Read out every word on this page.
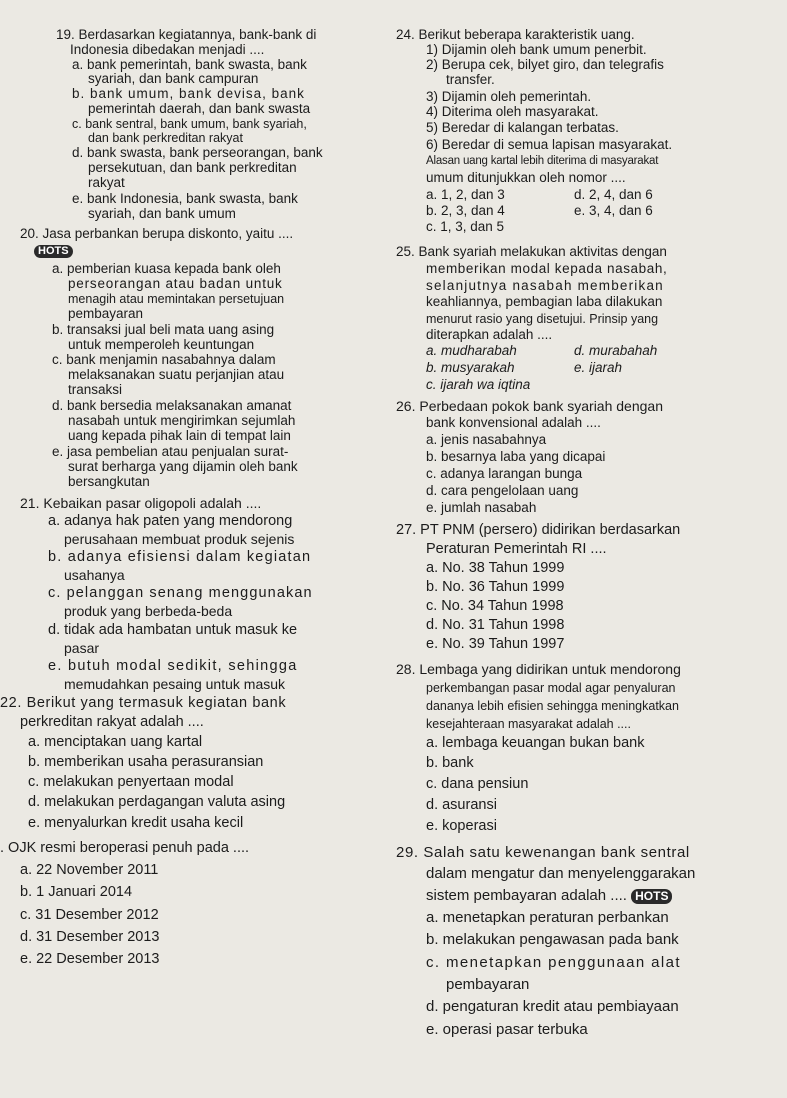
19. Berdasarkan kegiatannya, bank-bank di
Indonesia dibedakan menjadi ....
a. bank pemerintah, bank swasta, bank
syariah, dan bank campuran
b. bank umum, bank devisa, bank
pemerintah daerah, dan bank swasta
c. bank sentral, bank umum, bank syariah,
dan bank perkreditan rakyat
d. bank swasta, bank perseorangan, bank
persekutuan, dan bank perkreditan
rakyat
e. bank Indonesia, bank swasta, bank
syariah, dan bank umum
20. Jasa perbankan berupa diskonto, yaitu ....
HOTS
a. pemberian kuasa kepada bank oleh
perseorangan atau badan untuk
menagih atau memintakan persetujuan
pembayaran
b. transaksi jual beli mata uang asing
untuk memperoleh keuntungan
c. bank menjamin nasabahnya dalam
melaksanakan suatu perjanjian atau
transaksi
d. bank bersedia melaksanakan amanat
nasabah untuk mengirimkan sejumlah
uang kepada pihak lain di tempat lain
e. jasa pembelian atau penjualan surat-
surat berharga yang dijamin oleh bank
bersangkutan
21. Kebaikan pasar oligopoli adalah ....
a. adanya hak paten yang mendorong
perusahaan membuat produk sejenis
b. adanya efisiensi dalam kegiatan
usahanya
c. pelanggan senang menggunakan
produk yang berbeda-beda
d. tidak ada hambatan untuk masuk ke
pasar
e. butuh modal sedikit, sehingga
memudahkan pesaing untuk masuk
22. Berikut yang termasuk kegiatan bank
perkreditan rakyat adalah ....
a. menciptakan uang kartal
b. memberikan usaha perasuransian
c. melakukan penyertaan modal
d. melakukan perdagangan valuta asing
e. menyalurkan kredit usaha kecil
. OJK resmi beroperasi penuh pada ....
a. 22 November 2011
b. 1 Januari 2014
c. 31 Desember 2012
d. 31 Desember 2013
e. 22 Desember 2013
24. Berikut beberapa karakteristik uang.
1) Dijamin oleh bank umum penerbit.
2) Berupa cek, bilyet giro, dan telegrafis
transfer.
3) Dijamin oleh pemerintah.
4) Diterima oleh masyarakat.
5) Beredar di kalangan terbatas.
6) Beredar di semua lapisan masyarakat.
Alasan uang kartal lebih diterima di masyarakat
umum ditunjukkan oleh nomor ....
a. 1, 2, dan 3	d. 2, 4, dan 6
b. 2, 3, dan 4	e. 3, 4, dan 6
c. 1, 3, dan 5
25. Bank syariah melakukan aktivitas dengan
memberikan modal kepada nasabah,
selanjutnya nasabah memberikan
keahliannya, pembagian laba dilakukan
menurut rasio yang disetujui. Prinsip yang
diterapkan adalah ....
a. mudharabah	d. murabahah
b. musyarakah	e. ijarah
c. ijarah wa iqtina
26. Perbedaan pokok bank syariah dengan
bank konvensional adalah ....
a. jenis nasabahnya
b. besarnya laba yang dicapai
c. adanya larangan bunga
d. cara pengelolaan uang
e. jumlah nasabah
27. PT PNM (persero) didirikan berdasarkan
Peraturan Pemerintah RI ....
a. No. 38 Tahun 1999
b. No. 36 Tahun 1999
c. No. 34 Tahun 1998
d. No. 31 Tahun 1998
e. No. 39 Tahun 1997
28. Lembaga yang didirikan untuk mendorong
perkembangan pasar modal agar penyaluran
dananya lebih efisien sehingga meningkatkan
kesejahteraan masyarakat adalah ....
a. lembaga keuangan bukan bank
b. bank
c. dana pensiun
d. asuransi
e. koperasi
29. Salah satu kewenangan bank sentral
dalam mengatur dan menyelenggarakan
sistem pembayaran adalah .... HOTS
a. menetapkan peraturan perbankan
b. melakukan pengawasan pada bank
c. menetapkan penggunaan alat
pembayaran
d. pengaturan kredit atau pembiayaan
e. operasi pasar terbuka
